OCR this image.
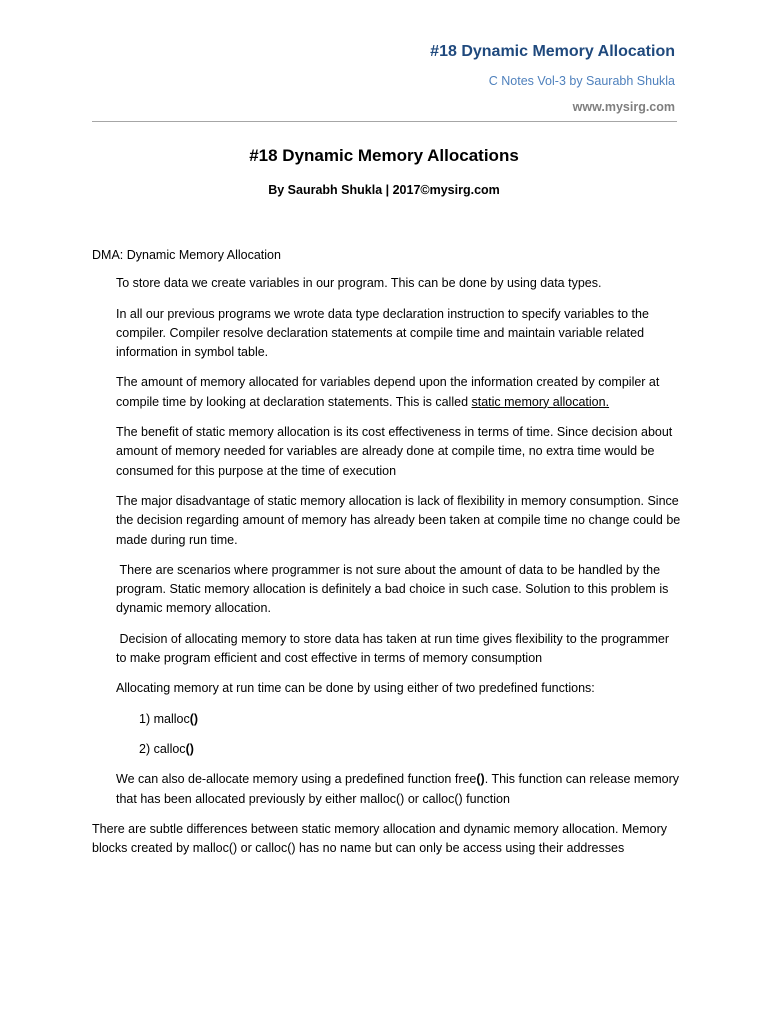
#18 Dynamic Memory Allocation
C Notes Vol-3 by Saurabh Shukla
www.mysirg.com
#18 Dynamic Memory Allocations
By Saurabh Shukla | 2017©mysirg.com
DMA: Dynamic Memory Allocation
To store data we create variables in our program. This can be done by using data types.
In all our previous programs we wrote data type declaration instruction to specify variables to the compiler. Compiler resolve declaration statements at compile time and maintain variable related information in symbol table.
The amount of memory allocated for variables depend upon the information created by compiler at compile time by looking at declaration statements. This is called static memory allocation.
The benefit of static memory allocation is its cost effectiveness in terms of time. Since decision about amount of memory needed for variables are already done at compile time, no extra time would be consumed for this purpose at the time of execution
The major disadvantage of static memory allocation is lack of flexibility in memory consumption. Since the decision regarding amount of memory has already been taken at compile time no change could be made during run time.
There are scenarios where programmer is not sure about the amount of data to be handled by the program. Static memory allocation is definitely a bad choice in such case. Solution to this problem is dynamic memory allocation.
Decision of allocating memory to store data has taken at run time gives flexibility to the programmer to make program efficient and cost effective in terms of memory consumption
Allocating memory at run time can be done by using either of two predefined functions:
1) malloc()
2) calloc()
We can also de-allocate memory using a predefined function free(). This function can release memory that has been allocated previously by either malloc() or calloc() function
There are subtle differences between static memory allocation and dynamic memory allocation. Memory blocks created by malloc() or calloc() has no name but can only be access using their addresses
